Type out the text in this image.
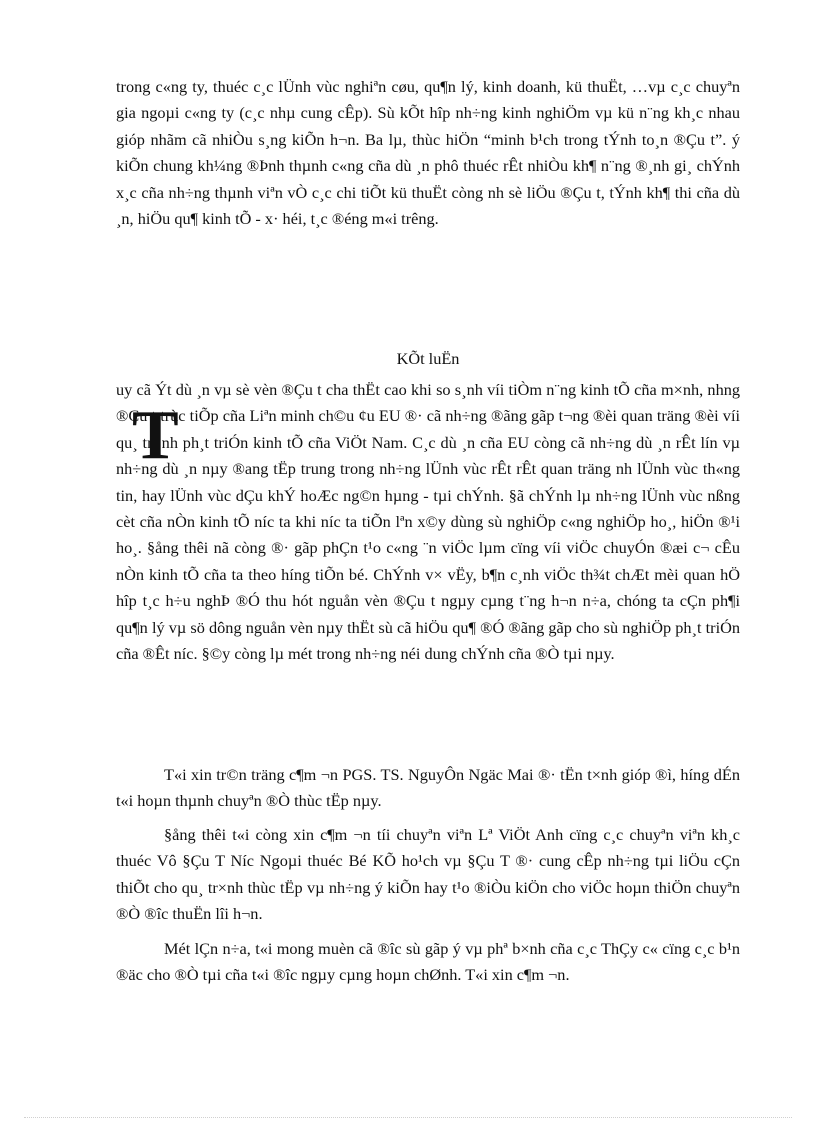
trong c«ng ty, thuéc c¸c lÜnh vùc nghiªn cøu, qu¶n lý, kinh doanh, kü thuËt, …vµ c¸c chuyªn gia ngoµi c«ng ty (c¸c nhµ cung cÊp). Sù kÕt hîp nh÷ng kinh nghiÖm vµ kü n¨ng kh¸c nhau gióp nhãm cã nhiÒu s¸ng kiÕn h¬n. Ba lµ, thùc hiÖn “minh b¹ch trong tÝnh to¸n ®Çu t”. ý kiÕn chung kh¼ng ®Þnh thµnh c«ng cña dù ¸n phô thuéc rÊt nhiÒu kh¶ n¨ng ®¸nh gi¸ chÝnh x¸c cña nh÷ng thµnh viªn vÒ c¸c chi tiÕt kü thuËt còng nh sè liÖu ®Çu t, tÝnh kh¶ thi cña dù ¸n, hiÖu qu¶ kinh tÕ - x· héi, t¸c ®éng m«i trêng.

KÕt luËn

uy cã Ýt dù ¸n vµ sè vèn ®Çu t cha thËt cao khi so s¸nh víi tiÒm n¨ng kinh tÕ cña m×nh, nhng ®Çu t trùc tiÕp cña Liªn minh ch©u ¢u EU ®· cã nh÷ng ®ãng gãp t¬ng ®èi quan träng ®èi víi qu¸ tr×nh ph¸t triÓn kinh tÕ cña ViÖt Nam. C¸c dù ¸n cña EU còng cã nh÷ng dù ¸n rÊt lín vµ nh÷ng dù ¸n nµy ®ang tËp trung trong nh÷ng lÜnh vùc rÊt rÊt quan träng nh lÜnh vùc th«ng tin, hay lÜnh vùc dÇu khÝ hoÆc ng©n hµng - tµi chÝnh. §ã chÝnh lµ nh÷ng lÜnh vùc nßng cèt cña nÒn kinh tÕ níc ta khi níc ta tiÕn lªn x©y dùng sù nghiÖp c«ng nghiÖp ho¸, hiÖn ®¹i ho¸. §ång thêi nã còng ®· gãp phÇn t¹o c«ng ¨n viÖc lµm cïng víi viÖc chuyÓn ®æi c¬ cÊu nÒn kinh tÕ cña ta theo híng tiÕn bé. ChÝnh v× vËy, b¶n c¸nh viÖc th¾t chÆt mèi quan hÖ hîp t¸c h÷u nghÞ ®Ó thu hót nguån vèn ®Çu t ngµy cµng t¨ng h¬n n÷a, chóng ta cÇn ph¶i qu¶n lý vµ sö dông nguån vèn nµy thËt sù cã hiÖu qu¶ ®Ó ®ãng gãp cho sù nghiÖp ph¸t triÓn cña ®Êt níc. §©y còng lµ mét trong nh÷ng néi dung chÝnh cña ®Ò tµi nµy.

T

T«i xin tr©n träng c¶m ¬n PGS. TS. NguyÔn Ngäc Mai ®· tËn t×nh gióp ®ì, híng dÉn t«i hoµn thµnh chuyªn ®Ò thùc tËp nµy.

§ång thêi t«i còng xin c¶m ¬n tíi chuyªn viªn Lª ViÖt Anh cïng c¸c chuyªn viªn kh¸c thuéc Vô §Çu T Níc Ngoµi thuéc Bé KÕ ho¹ch vµ §Çu T ®· cung cÊp nh÷ng tµi liÖu cÇn thiÕt cho qu¸ tr×nh thùc tËp vµ nh÷ng ý kiÕn hay t¹o ®iÒu kiÖn cho viÖc hoµn thiÖn chuyªn ®Ò ®îc thuËn lîi h¬n.

Mét lÇn n÷a, t«i mong muèn cã ®îc sù gãp ý vµ phª b×nh cña c¸c ThÇy c« cïng c¸c b¹n ®äc cho ®Ò tµi cña t«i ®îc ngµy cµng hoµn chØnh. T«i xin c¶m ¬n.
